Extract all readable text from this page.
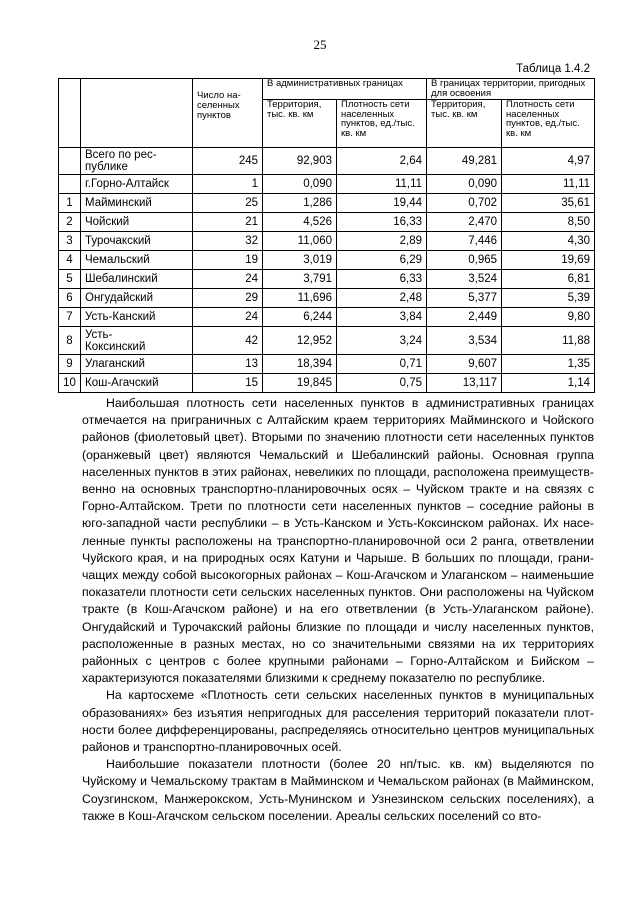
25
Таблица 1.4.2
		Число населенных пунктов	В административных границах		В границах территории, пригодных для освоения	
			Территория, тыс. кв. км	Плотность сети населенных пунктов, ед./тыс. кв. км	Территория, тыс. кв. км	Плотность сети населенных пунктов, ед./тыс. кв. км
	Всего по республике	245	92,903	2,64	49,281	4,97
	г.Горно-Алтайск	1	0,090	11,11	0,090	11,11
1	Майминский	25	1,286	19,44	0,702	35,61
2	Чойский	21	4,526	16,33	2,470	8,50
3	Турочакский	32	11,060	2,89	7,446	4,30
4	Чемальский	19	3,019	6,29	0,965	19,69
5	Шебалинский	24	3,791	6,33	3,524	6,81
6	Онгудайский	29	11,696	2,48	5,377	5,39
7	Усть-Канский	24	6,244	3,84	2,449	9,80
8	Усть-Коксинский	42	12,952	3,24	3,534	11,88
9	Улаганский	13	18,394	0,71	9,607	1,35
10	Кош-Агачский	15	19,845	0,75	13,117	1,14

Наибольшая плотность сети населенных пунктов в административных границах отмечается на приграничных с Алтайским краем территориях Майминского и Чойского районов (фиолетовый цвет). Вторыми по значению плотности сети населенных пунктов (оранжевый цвет) являются Чемальский и Шебалинский районы. Основная группа населенных пунктов в этих районах, невеликих по площади, расположена преимуществвенно на основных транспортно-планировочных осях – Чуйском тракте и на связях с Горно-Алтайском. Трети по плотности сети населенных пунктов – соседние районы в юго-западной части республики – в Усть-Канском и Усть-Коксинском районах. Их населенные пункты расположены на транспортно-планировочной оси 2 ранга, ответвлении Чуйского края, и на природных осях Катуни и Чарыше. В больших по площади, граничащих между собой высокогорных районах – Кош-Агачском и Улаганском – наименьшие показатели плотности сети сельских населенных пунктов. Они расположены на Чуйском тракте (в Кош-Агачском районе) и на его ответвлении (в Усть-Улаганском районе). Онгудайский и Турочакский районы близкие по площади и числу населенных пунктов, расположенные в разных местах, но со значительными связями на их территориях районных с центров с более крупными районами – Горно-Алтайском и Бийском – характеризуются показателями близкими к среднему показателю по республике.

На картосхеме «Плотность сети сельских населенных пунктов в муниципальных образованиях» без изъятия непригодных для расселения территорий показатели плотности более дифференцированы, распределяясь относительно центров муниципальных районов и транспортно-планировочных осей.

Наибольшие показатели плотности (более 20 нп/тыс. кв. км) выделяются по Чуйскому и Чемальскому трактам в Майминском и Чемальском районах (в Майминском, Соузгинском, Манжерокском, Усть-Мунинском и Узнезинском сельских поселениях), а также в Кош-Агачском сельском поселении. Ареалы сельских поселений со вто-
